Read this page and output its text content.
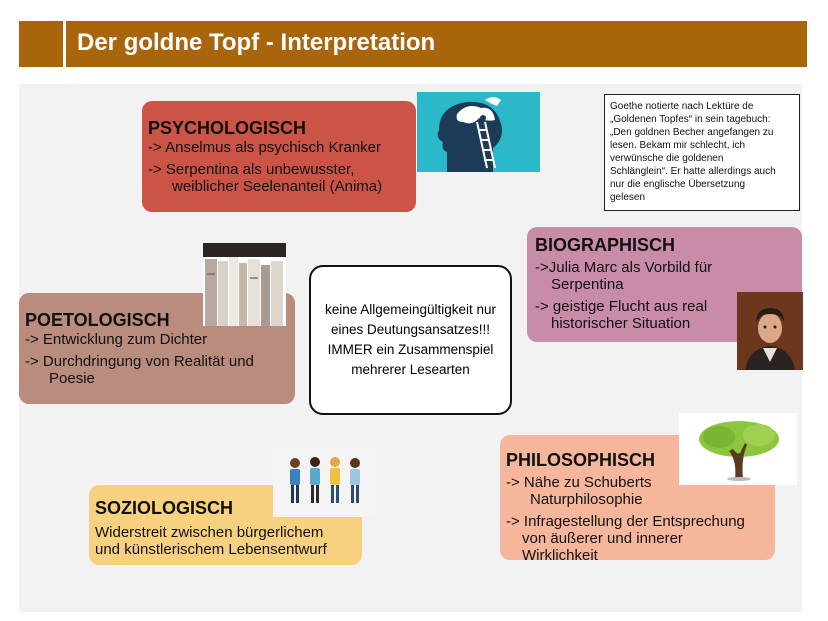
Der goldne Topf - Interpretation
PSYCHOLOGISCH
-> Anselmus als psychisch Kranker
-> Serpentina als unbewusster,
weiblicher Seelenanteil (Anima)
BIOGRAPHISCH
->Julia Marc als Vorbild für
Serpentina
-> geistige Flucht aus real
historischer Situation
POETOLOGISCH
-> Entwicklung zum Dichter
-> Durchdringung von Realität und
Poesie
SOZIOLOGISCH
Widerstreit zwischen bürgerlichem
und künstlerischem Lebensentwurf
PHILOSOPHISCH
-> Nähe zu Schuberts
Naturphilosophie
-> Infragestellung der Entsprechung
von äußerer und innerer
Wirklichkeit
keine Allgemeingültigkeit nur
eines Deutungsansatzes!!!
IMMER ein Zusammenspiel
mehrerer Lesearten
Goethe notierte nach Lektüre de
„Goldenen Topfes“ in sein tagebuch:
„Den goldnen Becher angefangen zu
lesen. Bekam mir schlecht, ich
verwünsche die goldenen
Schlänglein“. Er hatte allerdings auch
nur die englische Übersetzung
gelesen
